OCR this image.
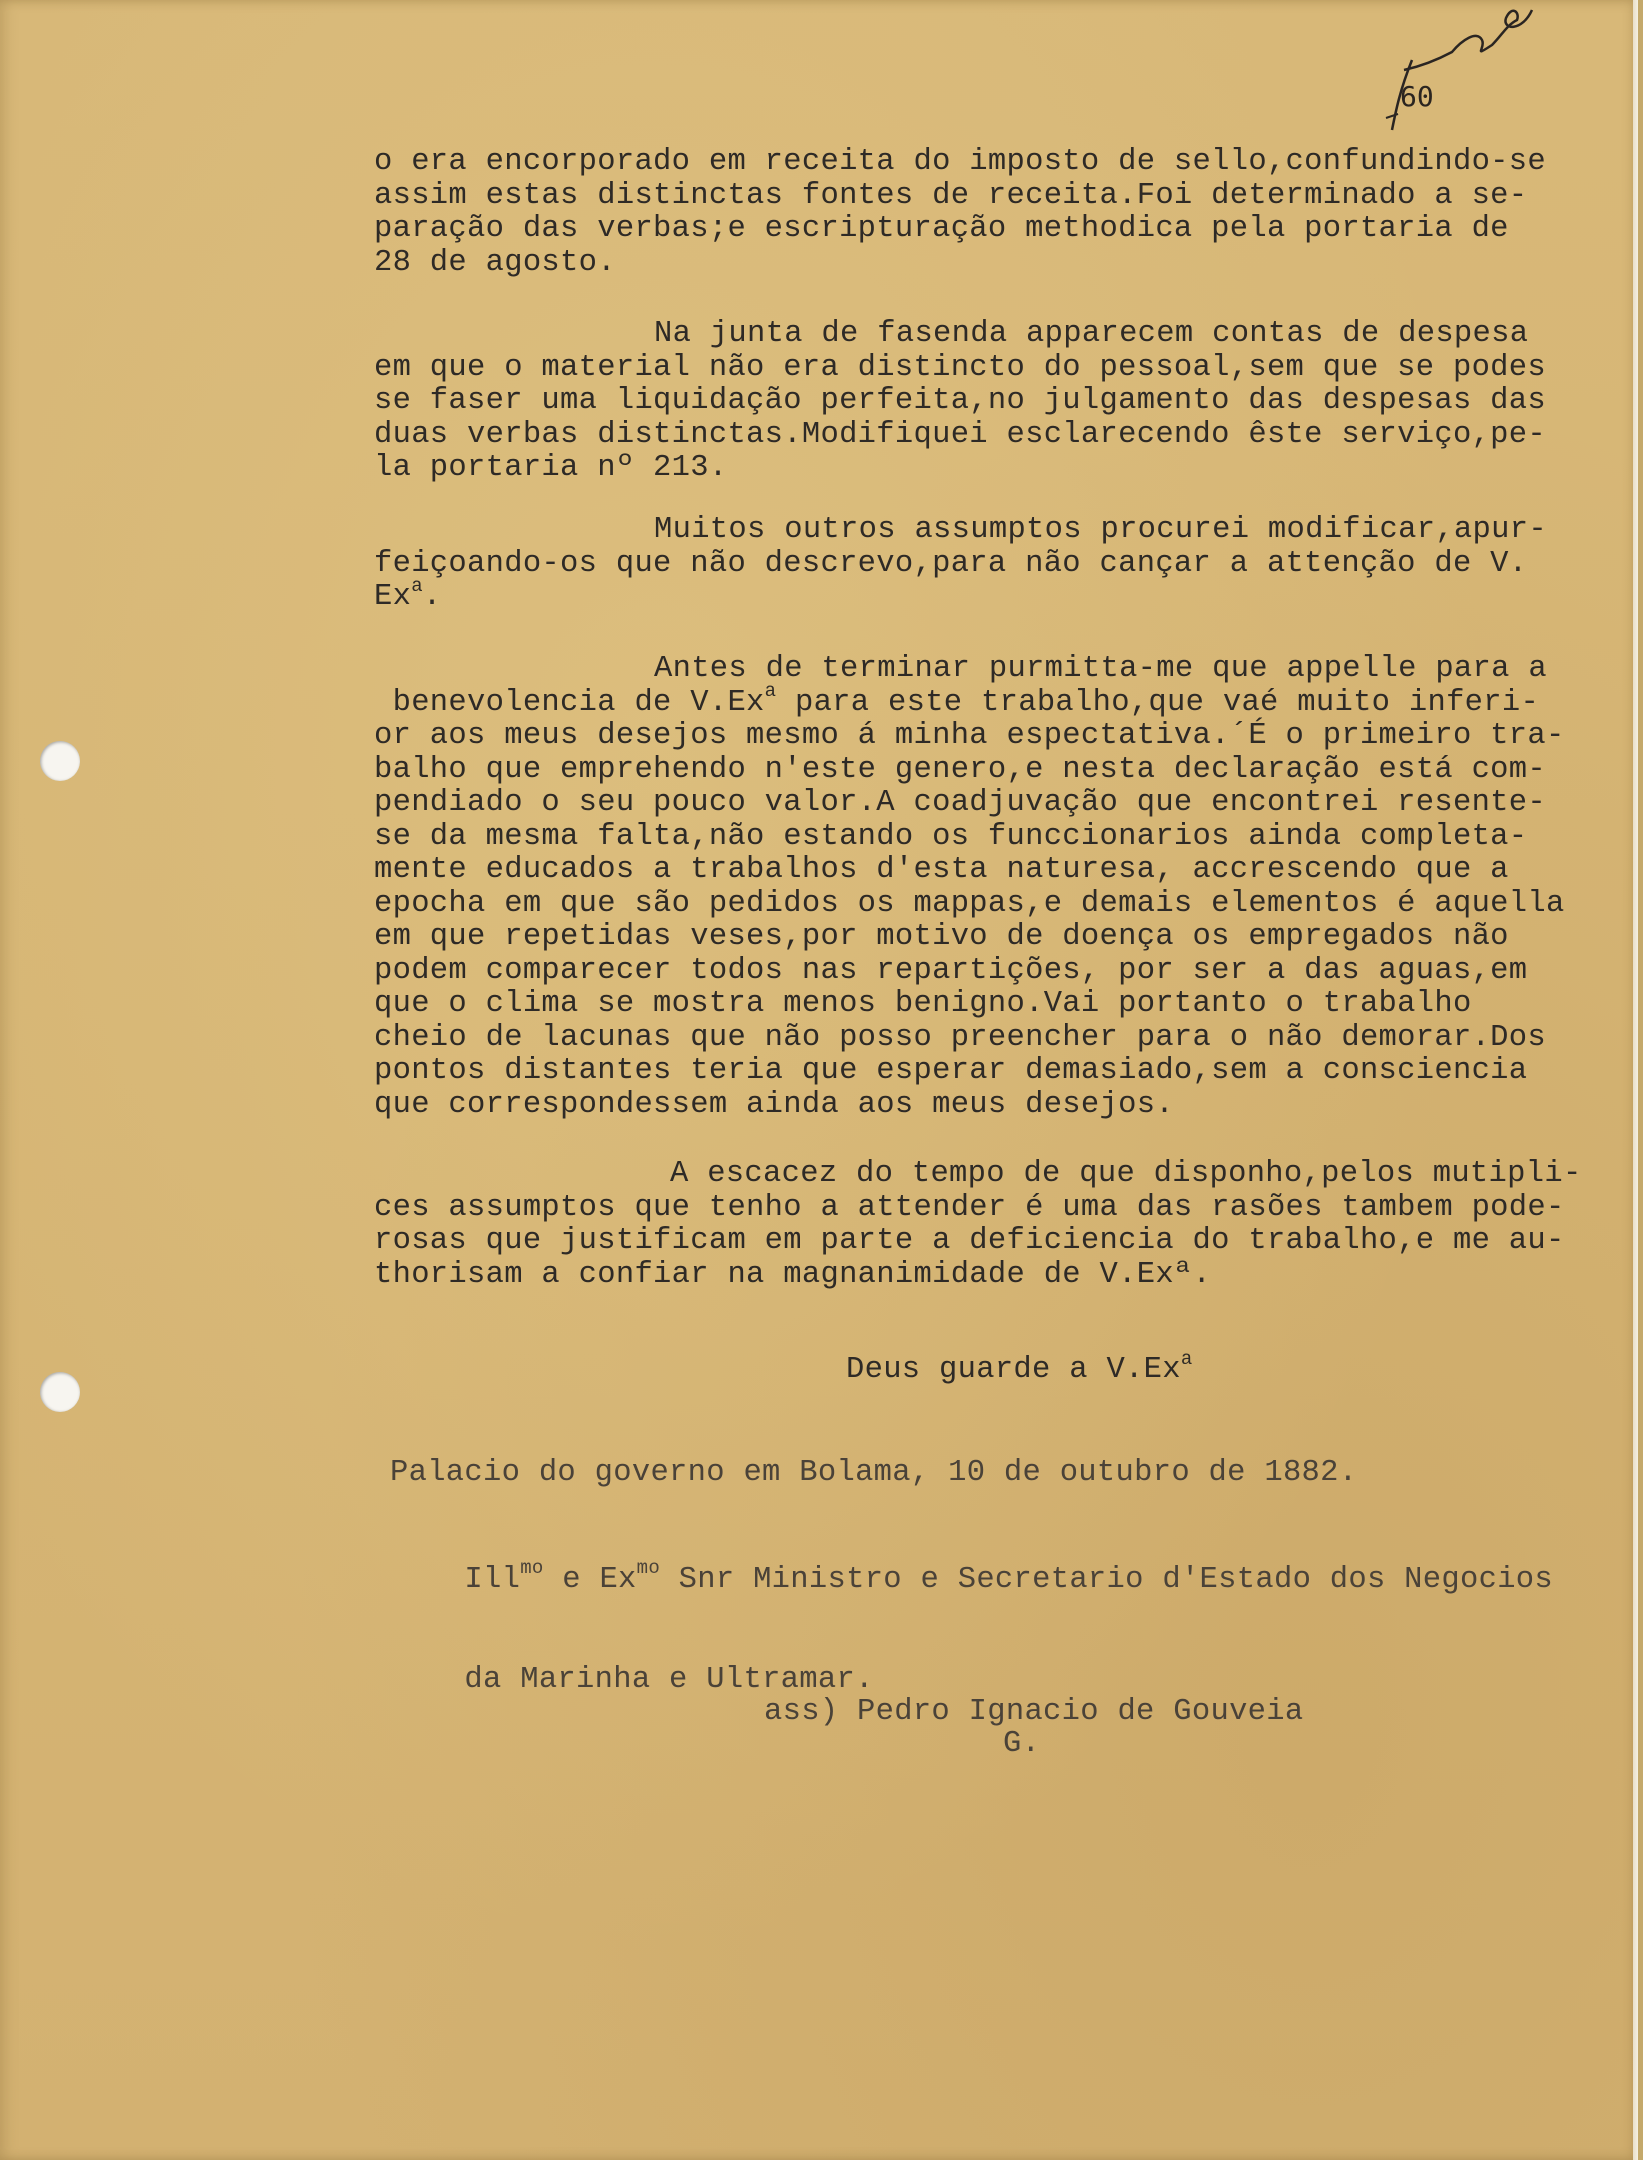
60
o era encorporado em receita do imposto de sello,confundindo-se
assim estas distinctas fontes de receita.Foi determinado a se-
paração das verbas;e escripturação methodica pela portaria de
28 de agosto.
Na junta de fasenda apparecem contas de despesa
em que o material não era distincto do pessoal,sem que se podes
se faser uma liquidação perfeita,no julgamento das despesas das
duas verbas distinctas.Modifiquei esclarecendo êste serviço,pe-
la portaria nº 213.
Muitos outros assumptos procurei modificar,apur-
feiçoando-os que não descrevo,para não cançar a attenção de V.
Ex$^a$.
Antes de terminar purmitta-me que appelle para a
benevolencia de V.Ex$^a$ para este trabalho,que vaé muito inferi-
or aos meus desejos mesmo á minha espectativa.´É o primeiro tra-
balho que emprehendo n'este genero,e nesta declaração está com-
pendiado o seu pouco valor.A coadjuvação que encontrei resente-
se da mesma falta,não estando os funccionarios ainda completa-
mente educados a trabalhos d'esta naturesa, accrescendo que a
epocha em que são pedidos os mappas,e demais elementos é aquella
em que repetidas veses,por motivo de doença os empregados não
podem comparecer todos nas repartições, por ser a das aguas,em
que o clima se mostra menos benigno.Vai portanto o trabalho
cheio de lacunas que não posso preencher para o não demorar.Dos
pontos distantes teria que esperar demasiado,sem a consciencia
que correspondessem ainda aos meus desejos.
A escacez do tempo de que disponho,pelos mutipli-
ces assumptos que tenho a attender é uma das rasões tambem pode-
rosas que justificam em parte a deficiencia do trabalho,e me au-
thorisam a confiar na magnanimidade de V.Exª.
Deus guarde a V.Ex$^a$
Palacio do governo em Bolama, 10 de outubro de 1882.

Ill$^{mo}$ e $Ex^{mo}$ Snr Ministro e Secretario d'Estado dos Negocios

da Marinha e Ultramar.

ass) Pedro Ignacio de Gouveia
G.
